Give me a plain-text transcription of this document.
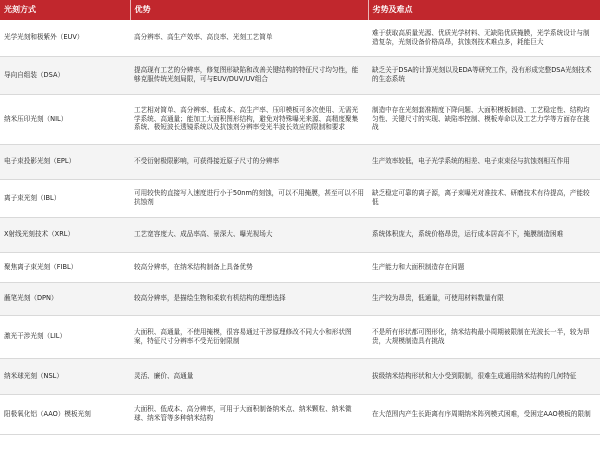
光刻方式	优势	劣势及难点
光学光刻和极紫外（EUV）	高分辨率、高生产效率、高良率、光刻工艺简单	难于获取高质量光源、优质光学材料、无缺陷优质掩膜，光学系统设计与制造复杂，光刻设备价格高昂，抗蚀剂技术难点多，耗能巨大
导向自组装（DSA）	提高现有工艺的分辨率，修复图形缺陷和改善关键结构的特征尺寸均匀性，能够克服传统光刻局限，可与EUV/DUV/UV组合	缺乏关于DSA的计算光刻以及EDA等研究工作，没有形成完整DSA光刻技术的生态系统
纳米压印光刻（NIL）	工艺相对简单、高分辨率、低成本、高生产率、压印模板可多次使用、无需光学系统、高通量；能加工大面积图形结构，避免对特殊曝光来源、高精度聚集系统、极短波长透镜系统以及抗蚀剂分辨率受光半波长效应的限制和要求	制造中存在光刻套准精度下降问题、大面积模板制造、工艺稳定性、结构均匀性、关键尺寸的实现、缺陷率控制、模板寿命以及工艺力学等方面存在挑战
电子束投影光刻（EPL）	不受衍射极限影响，可获得接近原子尺寸的分辨率	生产效率较低，电子光学系统的相差、电子束束径与抗蚀剂相互作用
离子束光刻（IBL）	可用较快的直接写入速度进行小于50nm的刻蚀，可以不用掩膜，甚至可以不用抗蚀剂	缺乏稳定可靠的离子源，离子束曝光对准技术、研磨技术有待提高，产能较低
X射线光刻技术（XRL）	工艺宽容度大、成品率高、景深大、曝光视场大	系统体积庞大，系统价格昂贵，运行成本居高不下，掩膜制造困难
聚焦离子束光刻（FIBL）	较高分辨率，在纳米结构制备上具备优势	生产能力和大面积制造存在问题
蘸笔光刻（DPN）	较高分辨率，是描绘生物和柔软有机结构的理想选择	生产较为昂贵，低通量，可使用材料数量有限
激光干涉光刻（LIL）	大面积、高通量，不使用掩模，很容易通过干涉原理修改不同大小和形状图案，特征尺寸分辨率不受光衍射限制	不是所有形状都可图形化，纳米结构最小周期被限制在光波长一半，较为昂贵，大规模制造具有挑战
纳米球光刻（NSL）	灵活、廉价、高通量	拔级纳米结构形状和大小受到限制，很难生成通用纳米结构的几何特征
阳极氧化铝（AAO）模板光刻	大面积、低成本、高分辨率，可用于大面积制备纳米点、纳米颗粒、纳米微球、纳米管等多种纳米结构	在大范围内产生长距离有序周期纳米阵列模式困难，受困定AAO模板的限制
